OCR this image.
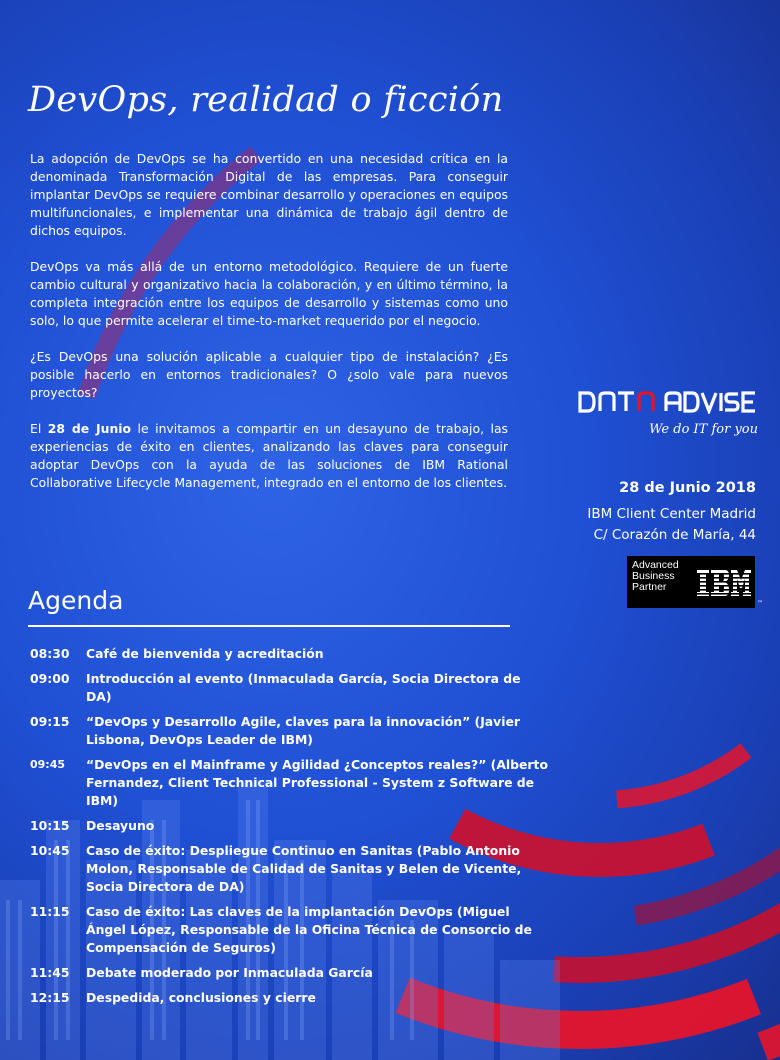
DevOps, realidad o ficción

La adopción de DevOps se ha convertido en una necesidad crítica en la denominada Transformación Digital de las empresas. Para conseguir implantar DevOps se requiere combinar desarrollo y operaciones en equipos multifuncionales, e implementar una dinámica de trabajo ágil dentro de dichos equipos.

DevOps va más allá de un entorno metodológico. Requiere de un fuerte cambio cultural y organizativo hacia la colaboración, y en último término, la completa integración entre los equipos de desarrollo y sistemas como uno solo, lo que permite acelerar el time-to-market requerido por el negocio.

¿Es DevOps una solución aplicable a cualquier tipo de instalación? ¿Es posible hacerlo en entornos tradicionales? O ¿solo vale para nuevos proyectos?

El 28 de Junio le invitamos a compartir en un desayuno de trabajo, las experiencias de éxito en clientes, analizando las claves para conseguir adoptar DevOps con la ayuda de las soluciones de IBM Rational Collaborative Lifecycle Management, integrado en el entorno de los clientes.

Agenda
08:30	Café de bienvenida y acreditación
09:00	Introducción al evento (Inmaculada García, Socia Directora de DA)
09:15	“DevOps y Desarrollo Agile, claves para la innovación” (Javier Lisbona, DevOps Leader de IBM)
09:45	“DevOps en el Mainframe y Agilidad ¿Conceptos reales?” (Alberto Fernandez, Client Technical Professional - System z Software de IBM)
10:15	Desayuno
10:45	Caso de éxito: Despliegue Continuo en Sanitas (Pablo Antonio Molon, Responsable de Calidad de Sanitas y Belen de Vicente, Socia Directora de DA)
11:15	Caso de éxito: Las claves de la implantación DevOps (Miguel Ángel López, Responsable de la Oficina Técnica de Consorcio de Compensación de Seguros)
11:45	Debate moderado por Inmaculada García
12:15	Despedida, conclusiones y cierre
We do IT for you
28 de Junio 2018
IBM Client Center Madrid
C/ Corazón de María, 44
Advanced
Business
Partner
™
